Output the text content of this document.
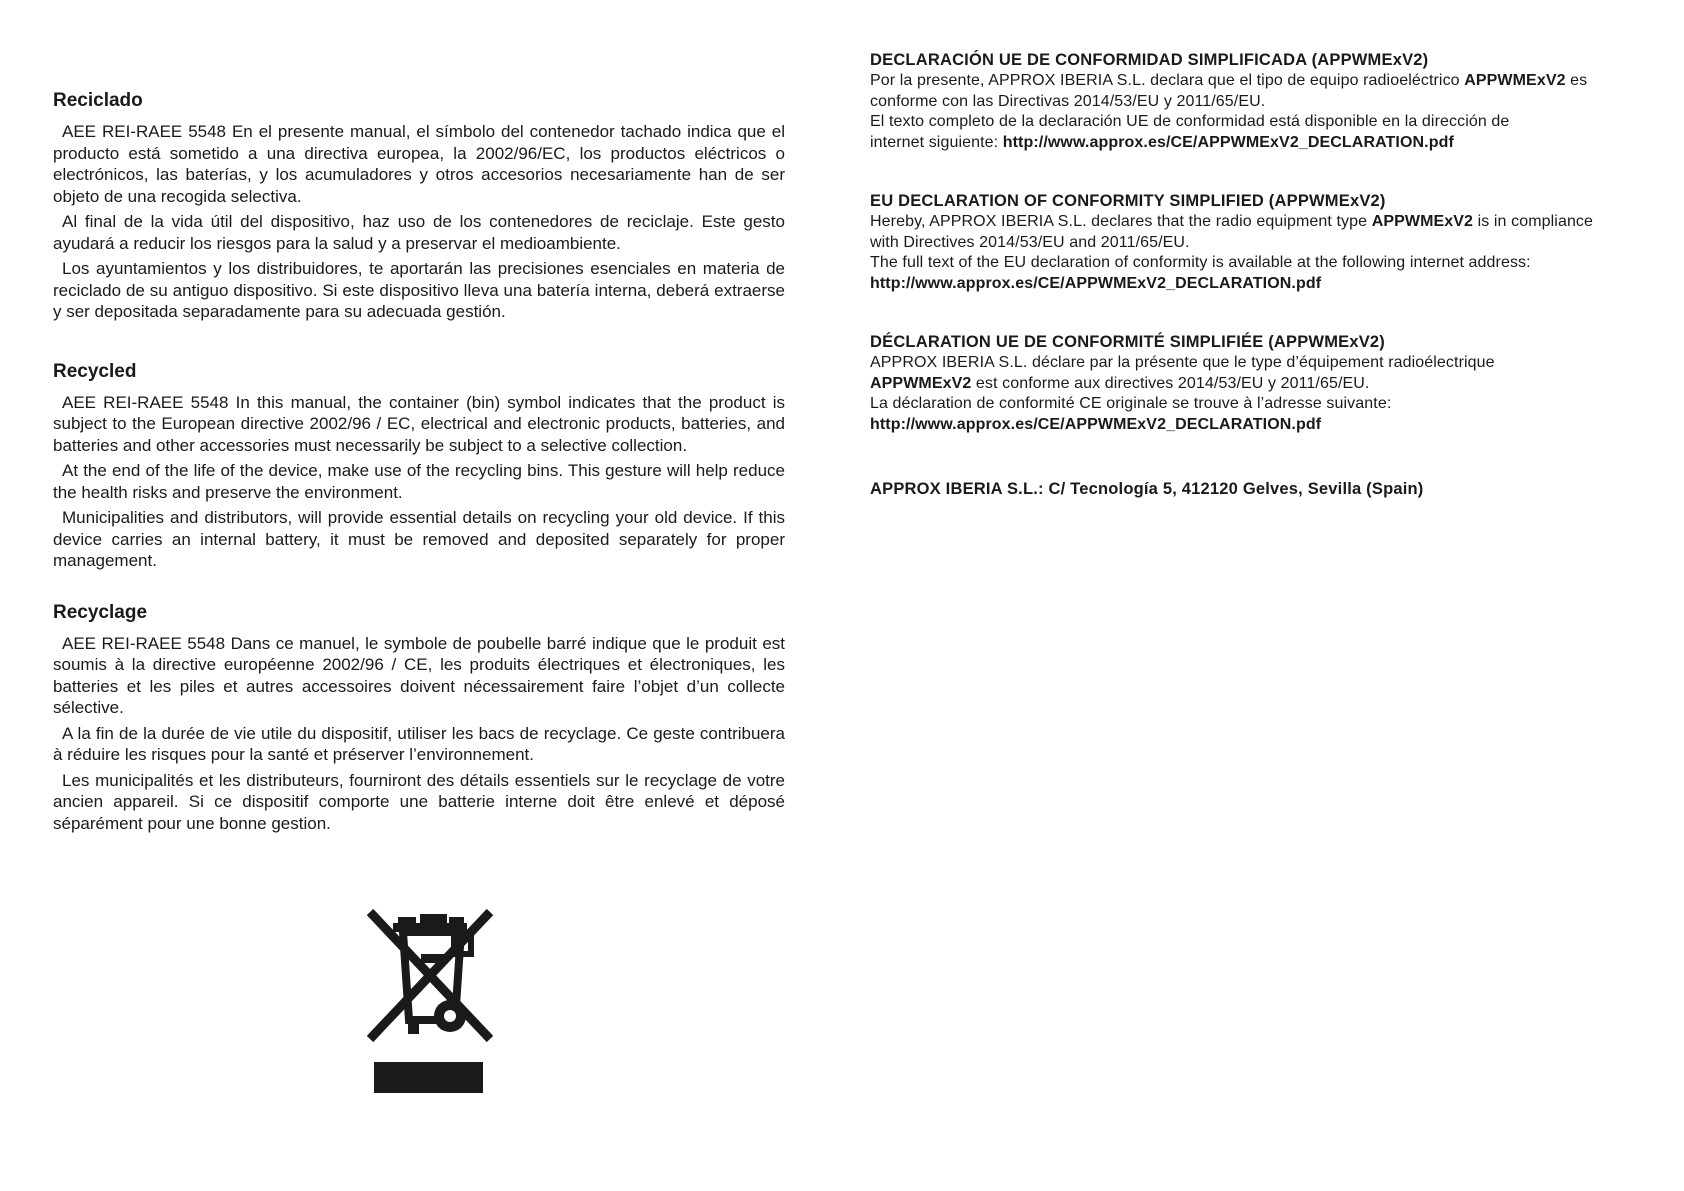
Reciclado

AEE REI-RAEE 5548 En el presente manual, el símbolo del contenedor tachado indica que el producto está sometido a una directiva europea, la 2002/96/EC, los productos eléctricos o electrónicos, las baterías, y los acumuladores y otros accesorios necesariamente han de ser objeto de una recogida selectiva.

Al final de la vida útil del dispositivo, haz uso de los contenedores de reciclaje. Este gesto ayudará a reducir los riesgos para la salud y a preservar el medioambiente.

Los ayuntamientos y los distribuidores, te aportarán las precisiones esenciales en materia de reciclado de su antiguo dispositivo. Si este dispositivo lleva una batería interna, deberá extraerse y ser depositada separadamente para su adecuada gestión.

Recycled

AEE REI-RAEE 5548 In this manual, the container (bin) symbol indicates that the product is subject to the European directive 2002/96 / EC, electrical and electronic products, batteries, and batteries and other accessories must necessarily be subject to a selective collection.

At the end of the life of the device, make use of the recycling bins. This gesture will help reduce the health risks and preserve the environment.

Municipalities and distributors, will provide essential details on recycling your old device. If this device carries an internal battery, it must be removed and deposited separately for proper management.

Recyclage

AEE REI-RAEE 5548 Dans ce manuel, le symbole de poubelle barré indique que le produit est soumis à la directive européenne 2002/96 / CE, les produits électriques et électroniques, les batteries et les piles et autres accessoires doivent nécessairement faire l’objet d’un collecte sélective.

A la fin de la durée de vie utile du dispositif, utiliser les bacs de recyclage. Ce geste contribuera à réduire les risques pour la santé et préserver l’environnement.

Les municipalités et les distributeurs, fourniront des détails essentiels sur le recyclage de votre ancien appareil. Si ce dispositif comporte une batterie interne doit être enlevé et déposé séparément pour une bonne gestion.

DECLARACIÓN UE DE CONFORMIDAD SIMPLIFICADA (APPWMExV2)

Por la presente, APPROX IBERIA S.L. declara que el tipo de equipo radioeléctrico APPWMExV2 es

conforme con las Directivas 2014/53/EU y 2011/65/EU.

El texto completo de la declaración UE de conformidad está disponible en la dirección de

internet siguiente: http://www.approx.es/CE/APPWMExV2_DECLARATION.pdf

EU DECLARATION OF CONFORMITY SIMPLIFIED (APPWMExV2)

Hereby, APPROX IBERIA S.L. declares that the radio equipment type APPWMExV2 is in compliance

with Directives 2014/53/EU and 2011/65/EU.

The full text of the EU declaration of conformity is available at the following internet address:

http://www.approx.es/CE/APPWMExV2_DECLARATION.pdf

DÉCLARATION UE DE CONFORMITÉ SIMPLIFIÉE (APPWMExV2)

APPROX IBERIA S.L. déclare par la présente que le type d’équipement radioélectrique

APPWMExV2 est conforme aux directives 2014/53/EU y 2011/65/EU.

La déclaration de conformité CE originale se trouve à l’adresse suivante:

http://www.approx.es/CE/APPWMExV2_DECLARATION.pdf

APPROX IBERIA S.L.: C/ Tecnología 5, 412120 Gelves, Sevilla (Spain)
